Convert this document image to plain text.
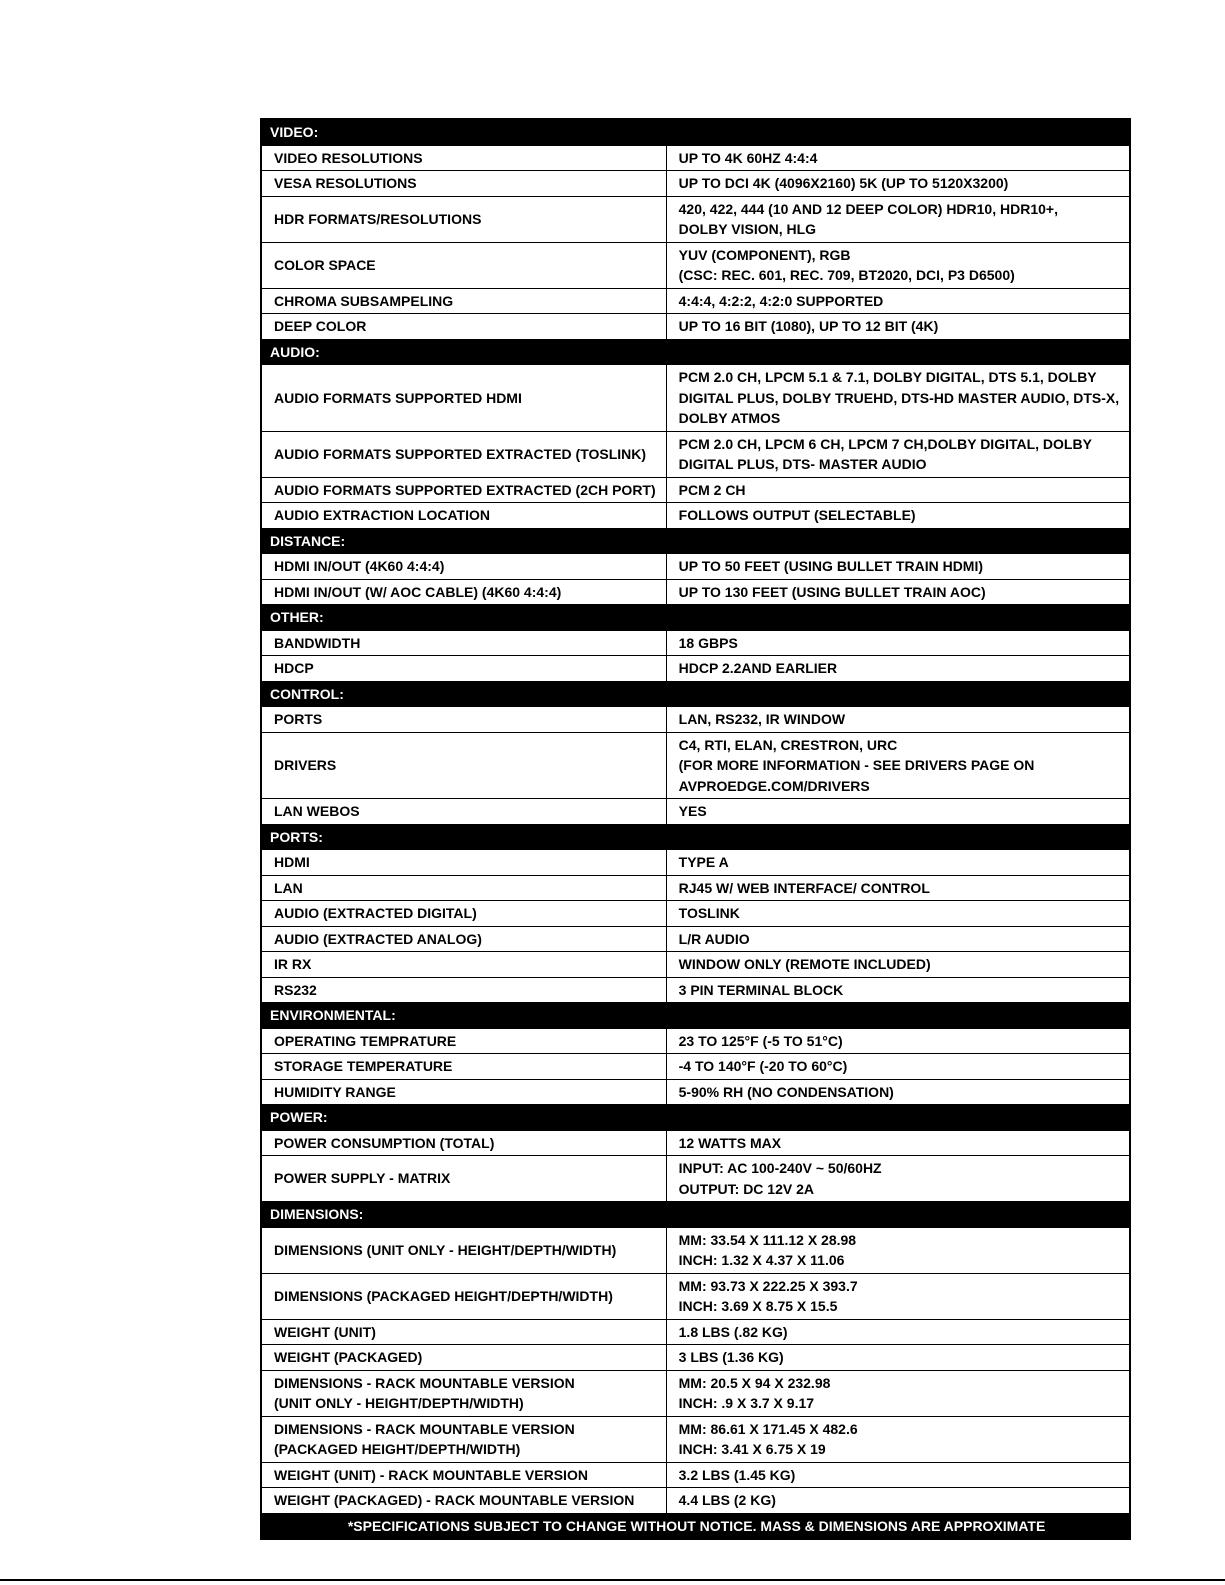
VIDEO:	

VIDEO RESOLUTIONS	UP TO 4K 60HZ 4:4:4

VESA RESOLUTIONS	UP TO DCI 4K (4096X2160) 5K (UP TO 5120X3200)

HDR FORMATS/RESOLUTIONS	420, 422, 444 (10 AND 12 DEEP COLOR) HDR10, HDR10+,
DOLBY VISION, HLG

COLOR SPACE	YUV (COMPONENT), RGB
(CSC: REC. 601, REC. 709, BT2020, DCI, P3 D6500)

CHROMA SUBSAMPELING	4:4:4, 4:2:2, 4:2:0 SUPPORTED

DEEP COLOR	UP TO 16 BIT (1080), UP TO 12 BIT (4K)

AUDIO:	

AUDIO FORMATS SUPPORTED HDMI	PCM 2.0 CH, LPCM 5.1 & 7.1, DOLBY DIGITAL, DTS 5.1, DOLBY
DIGITAL PLUS, DOLBY TRUEHD, DTS-HD MASTER AUDIO, DTS-X,
DOLBY ATMOS

AUDIO FORMATS SUPPORTED EXTRACTED (TOSLINK)	PCM 2.0 CH, LPCM 6 CH, LPCM 7 CH,DOLBY DIGITAL, DOLBY
DIGITAL PLUS, DTS- MASTER AUDIO

AUDIO FORMATS SUPPORTED EXTRACTED (2CH PORT)	PCM 2 CH

AUDIO EXTRACTION LOCATION	FOLLOWS OUTPUT (SELECTABLE)

DISTANCE:	

HDMI IN/OUT (4K60 4:4:4)	UP TO 50 FEET (USING BULLET TRAIN HDMI)

HDMI IN/OUT (W/ AOC CABLE) (4K60 4:4:4)	UP TO 130 FEET (USING BULLET TRAIN AOC)

OTHER:	

BANDWIDTH	18 GBPS

HDCP	HDCP 2.2AND EARLIER

CONTROL:	

PORTS	LAN, RS232, IR WINDOW

DRIVERS	C4, RTI, ELAN, CRESTRON, URC
(FOR MORE INFORMATION - SEE DRIVERS PAGE ON
AVPROEDGE.COM/DRIVERS

LAN WEBOS	YES

PORTS:	

HDMI	TYPE A

LAN	RJ45 W/ WEB INTERFACE/ CONTROL

AUDIO (EXTRACTED DIGITAL)	TOSLINK

AUDIO (EXTRACTED ANALOG)	L/R AUDIO

IR RX	WINDOW ONLY (REMOTE INCLUDED)

RS232	3 PIN TERMINAL BLOCK

ENVIRONMENTAL:	

OPERATING TEMPRATURE	23 TO 125°F (-5 TO 51°C)

STORAGE TEMPERATURE	-4 TO 140°F (-20 TO 60°C)

HUMIDITY RANGE	5-90% RH (NO CONDENSATION)

POWER:	

POWER CONSUMPTION (TOTAL)	12 WATTS MAX

POWER SUPPLY - MATRIX	INPUT: AC 100-240V ~ 50/60HZ
OUTPUT: DC 12V 2A

DIMENSIONS:	

DIMENSIONS (UNIT ONLY - HEIGHT/DEPTH/WIDTH)	MM: 33.54 X 111.12 X 28.98
INCH: 1.32 X 4.37 X 11.06

DIMENSIONS (PACKAGED HEIGHT/DEPTH/WIDTH)	MM: 93.73 X 222.25 X 393.7
INCH: 3.69 X 8.75 X 15.5

WEIGHT (UNIT)	1.8 LBS (.82 KG)

WEIGHT (PACKAGED)	3 LBS (1.36 KG)

DIMENSIONS - RACK MOUNTABLE VERSION
(UNIT ONLY - HEIGHT/DEPTH/WIDTH)	MM: 20.5 X 94 X 232.98
INCH: .9 X 3.7 X 9.17

DIMENSIONS - RACK MOUNTABLE VERSION
(PACKAGED HEIGHT/DEPTH/WIDTH)	MM: 86.61 X 171.45 X 482.6
INCH: 3.41 X 6.75 X 19

WEIGHT (UNIT) - RACK MOUNTABLE VERSION	3.2 LBS (1.45 KG)

WEIGHT (PACKAGED) - RACK MOUNTABLE VERSION	4.4 LBS (2 KG)

*SPECIFICATIONS SUBJECT TO CHANGE WITHOUT NOTICE. MASS & DIMENSIONS ARE APPROXIMATE	
